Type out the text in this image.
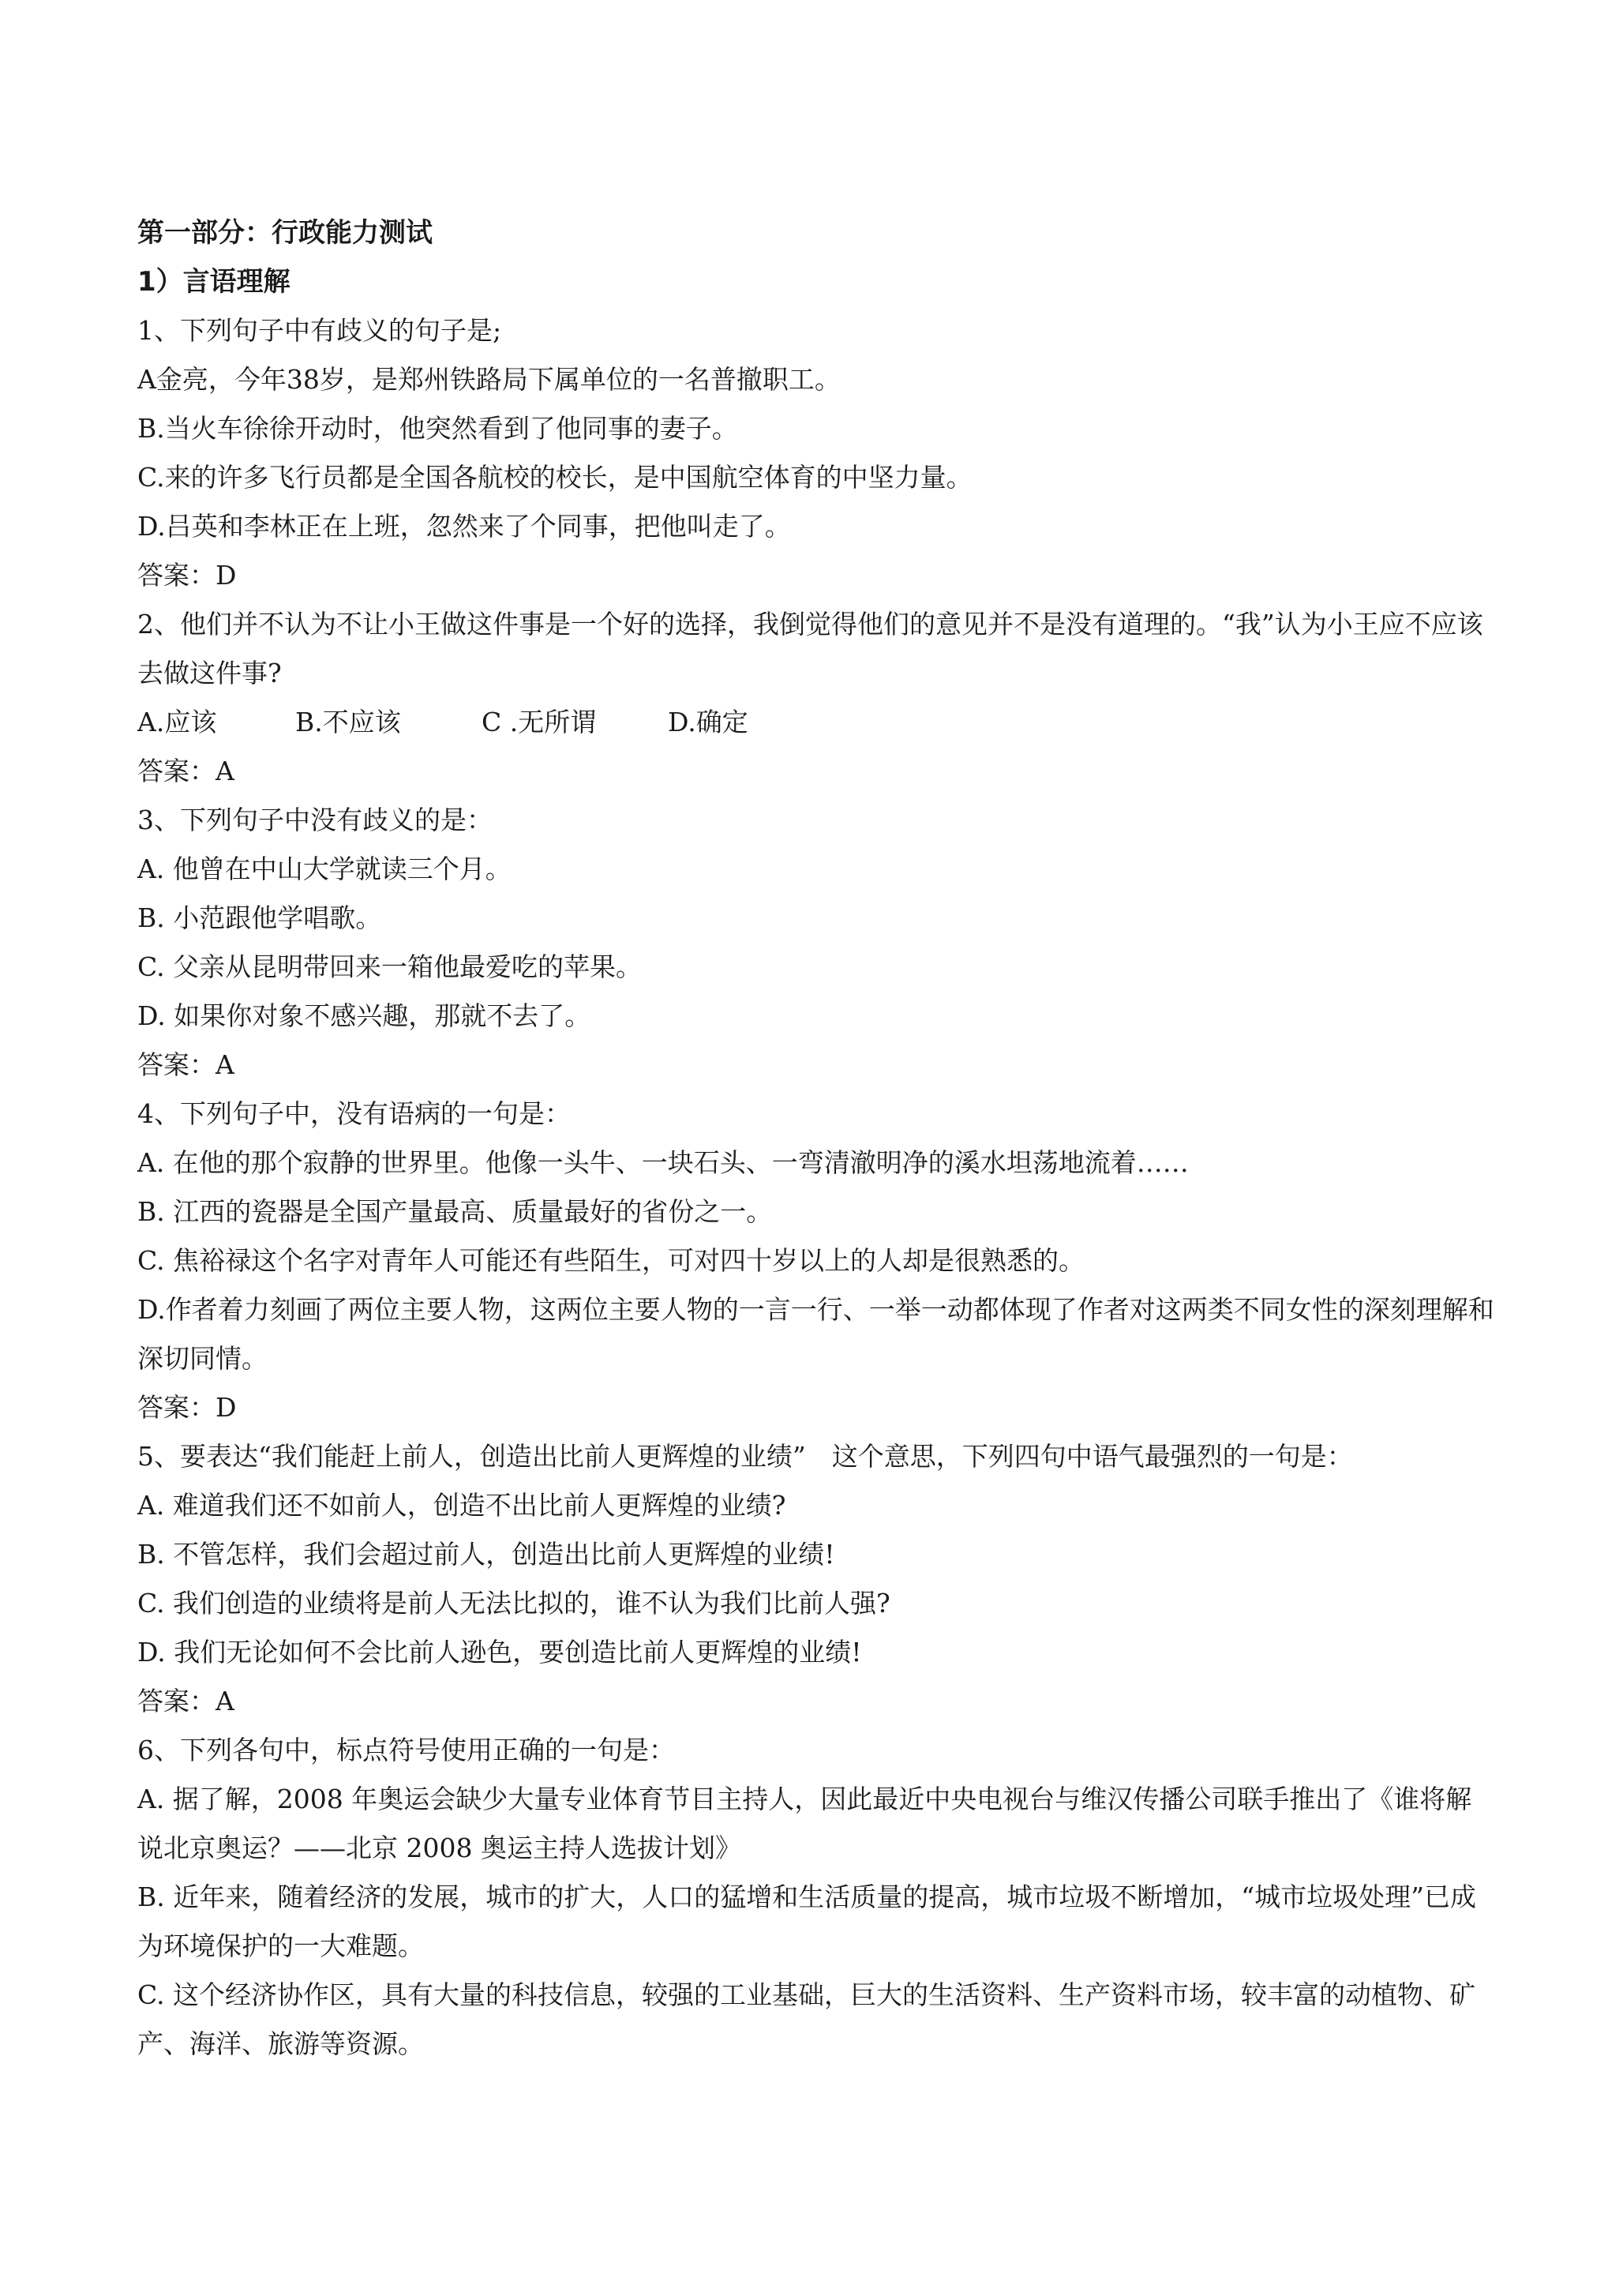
第一部分：行政能力测试
1）言语理解
1、下列句子中有歧义的句子是;
A金亮，今年38岁，是郑州铁路局下属单位的一名普撤职工。
B.当火车徐徐开动时，他突然看到了他同事的妻子。
C.来的许多飞行员都是全国各航校的校长，是中国航空体育的中坚力量。
D.吕英和李林正在上班，忽然来了个同事，把他叫走了。
答案：D
2、他们并不认为不让小王做这件事是一个好的选择，我倒觉得他们的意见并不是没有道理的。“我”认为小王应不应该去做这件事?
A.应该	B.不应该	C .无所谓	D.确定
答案：A
3、下列句子中没有歧义的是：
A. 他曾在中山大学就读三个月。
B. 小范跟他学唱歌。
C. 父亲从昆明带回来一箱他最爱吃的苹果。
D. 如果你对象不感兴趣，那就不去了。
答案：A
4、下列句子中，没有语病的一句是：
A. 在他的那个寂静的世界里。他像一头牛、一块石头、一弯清澈明净的溪水坦荡地流着……
B. 江西的瓷器是全国产量最高、质量最好的省份之一。
C. 焦裕禄这个名字对青年人可能还有些陌生，可对四十岁以上的人却是很熟悉的。
D.作者着力刻画了两位主要人物，这两位主要人物的一言一行、一举一动都体现了作者对这两类不同女性的深刻理解和深切同情。
答案：D
5、要表达“我们能赶上前人，创造出比前人更辉煌的业绩”　这个意思，下列四句中语气最强烈的一句是：
A. 难道我们还不如前人，创造不出比前人更辉煌的业绩?
B. 不管怎样，我们会超过前人，创造出比前人更辉煌的业绩!
C. 我们创造的业绩将是前人无法比拟的，谁不认为我们比前人强?
D. 我们无论如何不会比前人逊色，要创造比前人更辉煌的业绩!
答案：A
6、下列各句中，标点符号使用正确的一句是：
A. 据了解，2008 年奥运会缺少大量专业体育节目主持人，因此最近中央电视台与维汉传播公司联手推出了《谁将解说北京奥运？——北京 2008 奥运主持人选拔计划》
B. 近年来，随着经济的发展，城市的扩大，人口的猛增和生活质量的提高，城市垃圾不断增加，“城市垃圾处理”已成为环境保护的一大难题。
C. 这个经济协作区，具有大量的科技信息，较强的工业基础，巨大的生活资料、生产资料市场，较丰富的动植物、矿产、海洋、旅游等资源。
